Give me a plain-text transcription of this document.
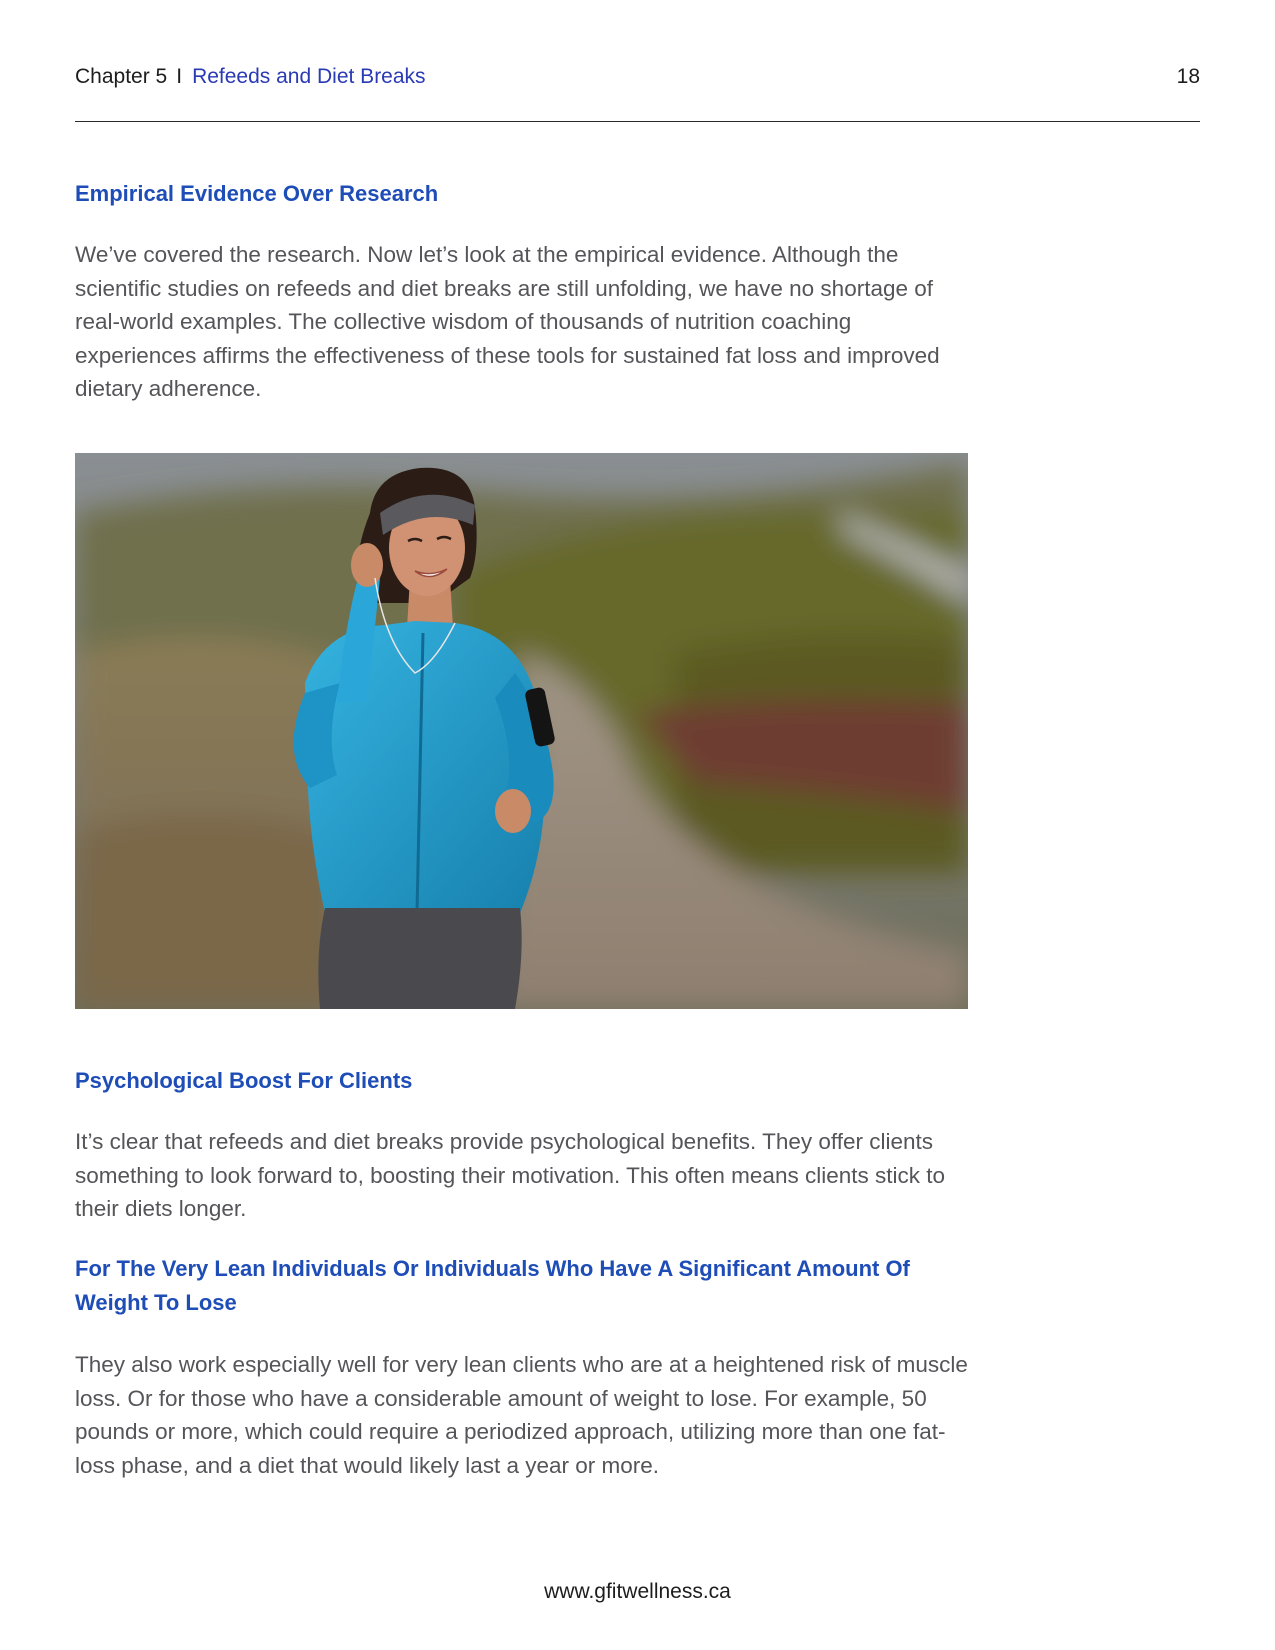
Chapter 5 I Refeeds and Diet Breaks	18
Empirical Evidence Over Research

We’ve covered the research. Now let’s look at the empirical evidence. Although the scientific studies on refeeds and diet breaks are still unfolding, we have no shortage of real-world examples. The collective wisdom of thousands of nutrition coaching experiences affirms the effectiveness of these tools for sustained fat loss and improved dietary adherence.

Psychological Boost For Clients

It’s clear that refeeds and diet breaks provide psychological benefits. They offer clients something to look forward to, boosting their motivation. This often means clients stick to their diets longer.

For The Very Lean Individuals Or Individuals Who Have A Significant Amount Of Weight To Lose

They also work especially well for very lean clients who are at a heightened risk of muscle loss. Or for those who have a considerable amount of weight to lose. For example, 50 pounds or more, which could require a periodized approach, utilizing more than one fat-loss phase, and a diet that would likely last a year or more.

www.gfitwellness.ca
